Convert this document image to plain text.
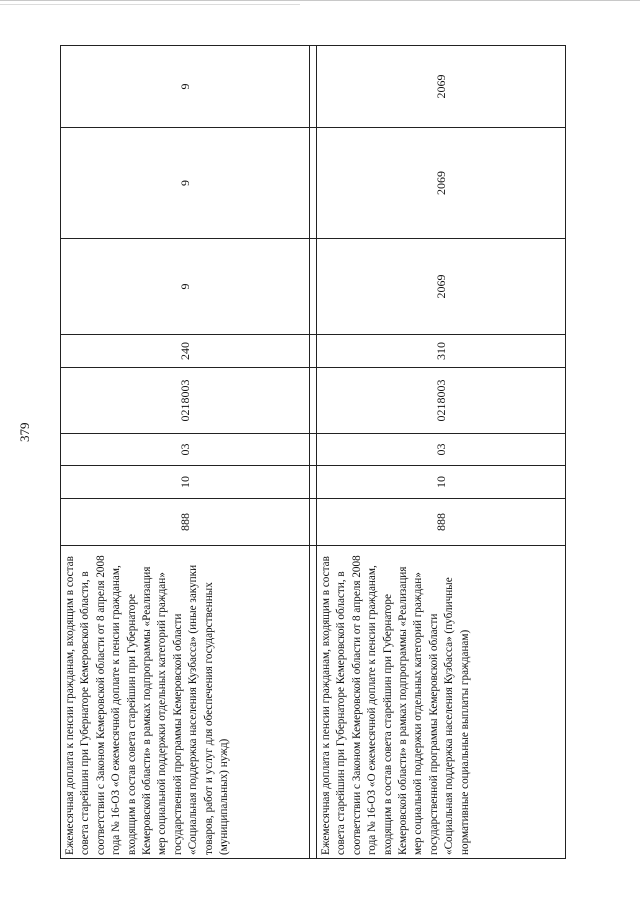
379
Ежемесячная доплата к пенсии гражданам, входящим в состав совета старейшин при Губернаторе Кемеровской области, в соответствии с Законом Кемеровской области от 8 апреля 2008 года № 16-ОЗ «О ежемесячной доплате к пенсии гражданам, входящим в состав совета старейшин при Губернаторе Кемеровской области» в рамках подпрограммы «Реализация мер социальной поддержки отдельных категорий граждан» государственной программы Кемеровской области «Социальная поддержка населения Кузбасса» (иные закупки товаров, работ и услуг для обеспечения государственных (муниципальных) нужд)	888	10	03	0218003	240	9	9	9

Ежемесячная доплата к пенсии гражданам, входящим в состав совета старейшин при Губернаторе Кемеровской области, в соответствии с Законом Кемеровской области от 8 апреля 2008 года № 16-ОЗ «О ежемесячной доплате к пенсии гражданам, входящим в состав совета старейшин при Губернаторе Кемеровской области» в рамках подпрограммы «Реализация мер социальной поддержки отдельных категорий граждан» государственной программы Кемеровской области «Социальная поддержка населения Кузбасса» (публичные нормативные социальные выплаты гражданам)	888	10	03	0218003	310	2069	2069	2069
